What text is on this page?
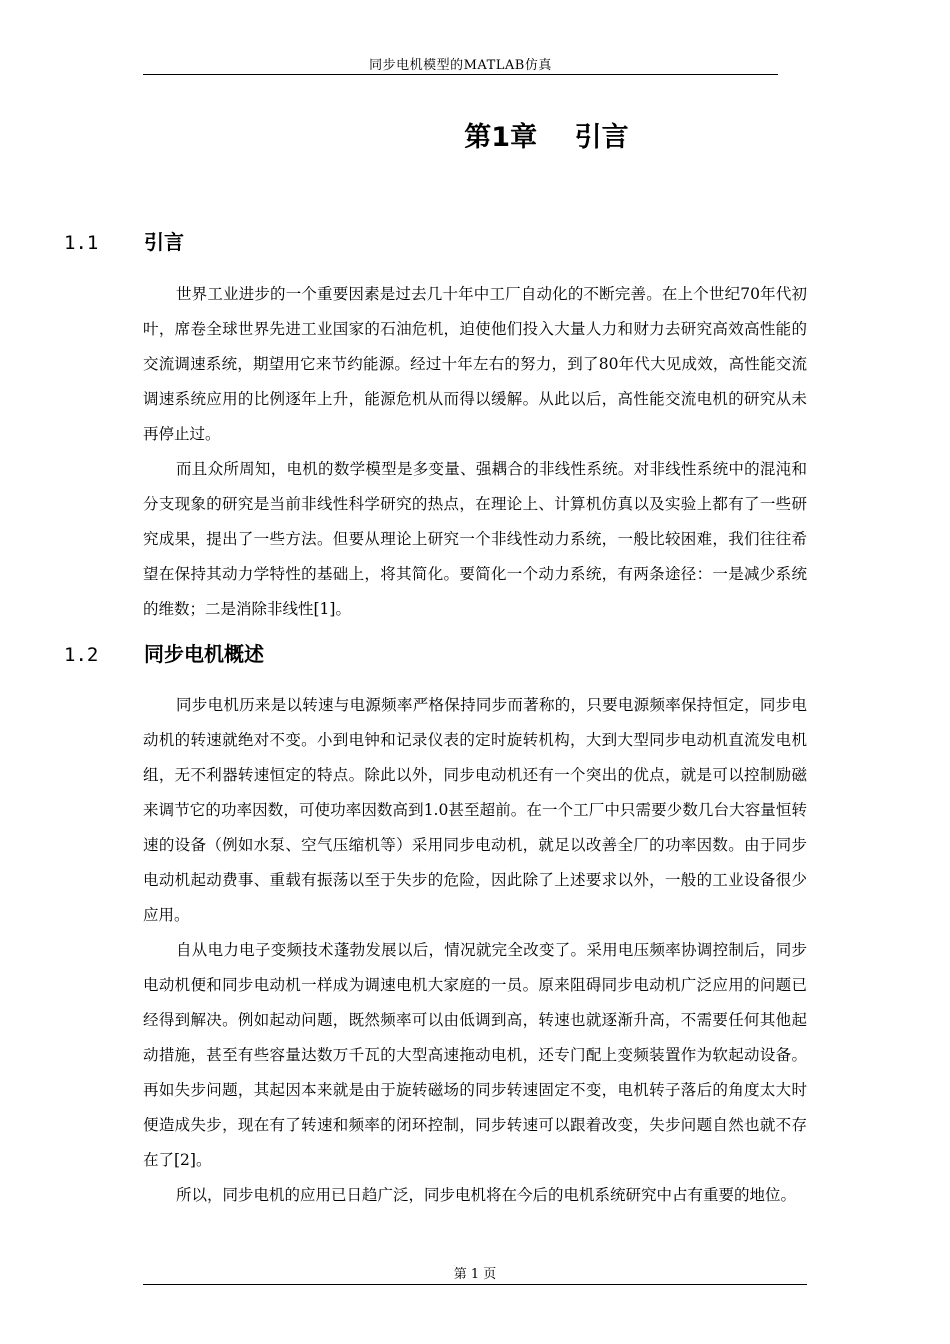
同步电机模型的MATLAB仿真
第1章    引言
1.1 引言

世界工业进步的一个重要因素是过去几十年中工厂自动化的不断完善。在上个世纪70年代初叶，席卷全球世界先进工业国家的石油危机，迫使他们投入大量人力和财力去研究高效高性能的交流调速系统，期望用它来节约能源。经过十年左右的努力，到了80年代大见成效，高性能交流调速系统应用的比例逐年上升，能源危机从而得以缓解。从此以后，高性能交流电机的研究从未再停止过。

而且众所周知，电机的数学模型是多变量、强耦合的非线性系统。对非线性系统中的混沌和分支现象的研究是当前非线性科学研究的热点，在理论上、计算机仿真以及实验上都有了一些研究成果，提出了一些方法。但要从理论上研究一个非线性动力系统，一般比较困难，我们往往希望在保持其动力学特性的基础上，将其简化。要简化一个动力系统，有两条途径：一是减少系统的维数；二是消除非线性[1]。

1.2 同步电机概述

同步电机历来是以转速与电源频率严格保持同步而著称的，只要电源频率保持恒定，同步电动机的转速就绝对不变。小到电钟和记录仪表的定时旋转机构，大到大型同步电动机直流发电机组，无不利器转速恒定的特点。除此以外，同步电动机还有一个突出的优点，就是可以控制励磁来调节它的功率因数，可使功率因数高到1.0甚至超前。在一个工厂中只需要少数几台大容量恒转速的设备（例如水泵、空气压缩机等）采用同步电动机，就足以改善全厂的功率因数。由于同步电动机起动费事、重载有振荡以至于失步的危险，因此除了上述要求以外，一般的工业设备很少应用。

自从电力电子变频技术蓬勃发展以后，情况就完全改变了。采用电压频率协调控制后，同步电动机便和同步电动机一样成为调速电机大家庭的一员。原来阻碍同步电动机广泛应用的问题已经得到解决。例如起动问题，既然频率可以由低调到高，转速也就逐渐升高，不需要任何其他起动措施，甚至有些容量达数万千瓦的大型高速拖动电机，还专门配上变频装置作为软起动设备。再如失步问题，其起因本来就是由于旋转磁场的同步转速固定不变，电机转子落后的角度太大时便造成失步，现在有了转速和频率的闭环控制，同步转速可以跟着改变，失步问题自然也就不存在了[2]。

所以，同步电机的应用已日趋广泛，同步电机将在今后的电机系统研究中占有重要的地位。

第 1 页
